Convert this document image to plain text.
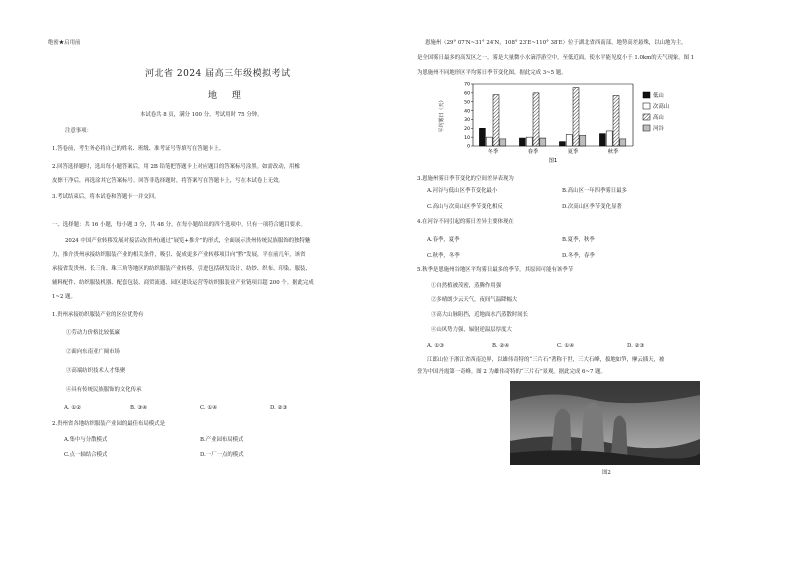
绝密★启用前
河北省 2024 届高三年级模拟考试
地 理
本试卷共 8 页，满分 100 分，考试用时 75 分钟。
注意事项：
1.答卷前，考生务必将自己的姓名、班级、准考证号等填写在答题卡上。
2.回答选择题时，选出每小题答案后，用 2B 铅笔把答题卡上对应题目的答案标号涂黑。如需改动，用橡
皮擦干净后，再选涂其它答案标号。回答非选择题时，将答案写在答题卡上，写在本试卷上无效。
3.考试结束后，将本试卷和答题卡一并交回。
一、选择题：共 16 小题，每小题 3 分，共 48 分。在每小题给出的四个选项中，只有一项符合题目要求。
2024 中国产业转移发展对接活动(贵州)通过“展览+推介”的形式，全面展示贵州传统民族服饰的独特魅
力，推介贵州承接纺织服装产业的相关条件，吸引、促成更多产业转移项目向“黔”发展，平在前几年，该省
承接省发贵州、长三角、珠三角等地区的纺织服装产业转移，引进包括研发设计、纺纱、织布、印染、服装、
辅料配件、纺织服装机器、配套包装、商贸流通、园区建设运营等纺织服装业产业链项目超 200 个。据此完成
1~2 题。
1.贵州承接纺织服装产业的区位优势有
①劳动力价格比较低廉
②面向东南亚广阔市场
③高端纺织技术人才集聚
④具有传统民族服饰的文化传承
A. ①②	B. ③④	C. ①④	D. ②③
2.贵州省各地纺织服装产业园的最佳布局模式是
A.集中与分散模式	B.产业园布局模式
C.点一轴结合模式	D.一厂一点的模式
恩施州（29° 07′N~31° 24′N，108° 23′E~110° 38′E）位于湖北省西南部，地势高差悬殊，以山地为主，
是全国雾日最多的高发区之一，雾是大量微小水滴浮游空中，至低近面，使水平能见度小于 1.0km的天气现象。图 1
为恩施州不同地形区平均雾日季节变化图，据此完成 3~5 题。
平均雾日（天）
0
10
20
30
40
50
60
70
冬季	春季	夏季	秋季
图1
低山
次高山
高山
河谷
3.恩施州雾日季节变化的空间差异表现为
A.河谷与低山区季节变化最小	B.高山区一年四季雾日最多
C.高山与次高山区季节变化相反	D.次高山区季节变化显著
4.在河谷不同引起的雾日差异主要体现在
A.春季，夏季	B.夏季，秋季
C.秋季，冬季	D.冬季，春季
5.秋季是恩施州谷地区平均雾日最多的季节，其原因可能有该季节
①自然植被茂密，蒸腾作用强
②多晴朗少云天气，夜间气温降幅大
③高大山脉阻挡，近地面水汽蒸散时间长
④山风势力强，辐射逆温层厚度大
A. ①③	B. ②④	C. ①④	D. ②③
江郎山位于浙江省西南边界，以雄伟奇特的“三片石”著称于世，三大石峰，拔地如笋，摩云插天，被
誉为中国丹霞第一奇峰。图 2 为雄伟奇特的“三片石”景观。据此完成 6~7 题。
图2
